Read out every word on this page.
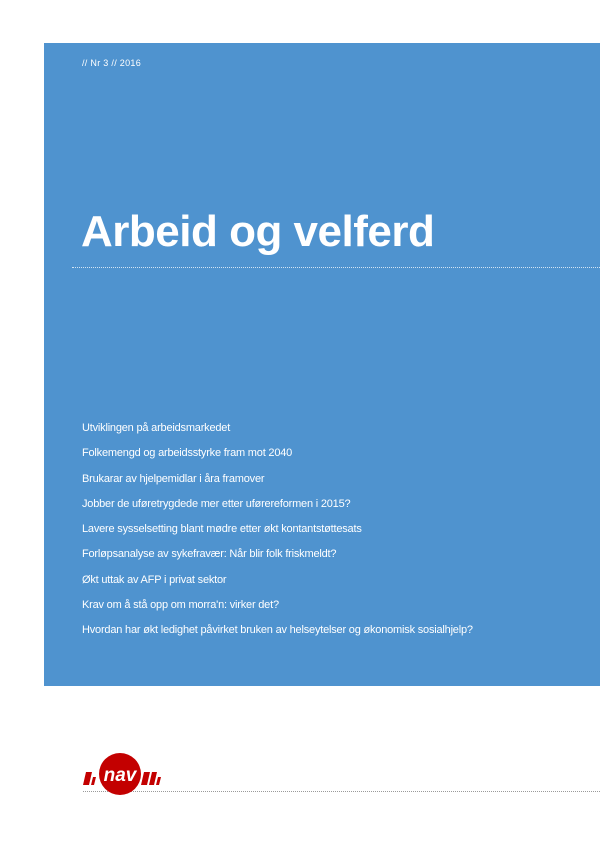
// Nr 3 // 2016
Arbeid og velferd
Utviklingen på arbeidsmarkedet
Folkemengd og arbeidsstyrke fram mot 2040
Brukarar av hjelpemidlar i åra framover
Jobber de uføretrygdede mer etter uførereformen i 2015?
Lavere sysselsetting blant mødre etter økt kontantstøttesats
Forløpsanalyse av sykefravær: Når blir folk friskmeldt?
Økt uttak av AFP i privat sektor
Krav om å stå opp om morra'n: virker det?
Hvordan har økt ledighet påvirket bruken av helseytelser og økonomisk sosialhjelp?
nav
